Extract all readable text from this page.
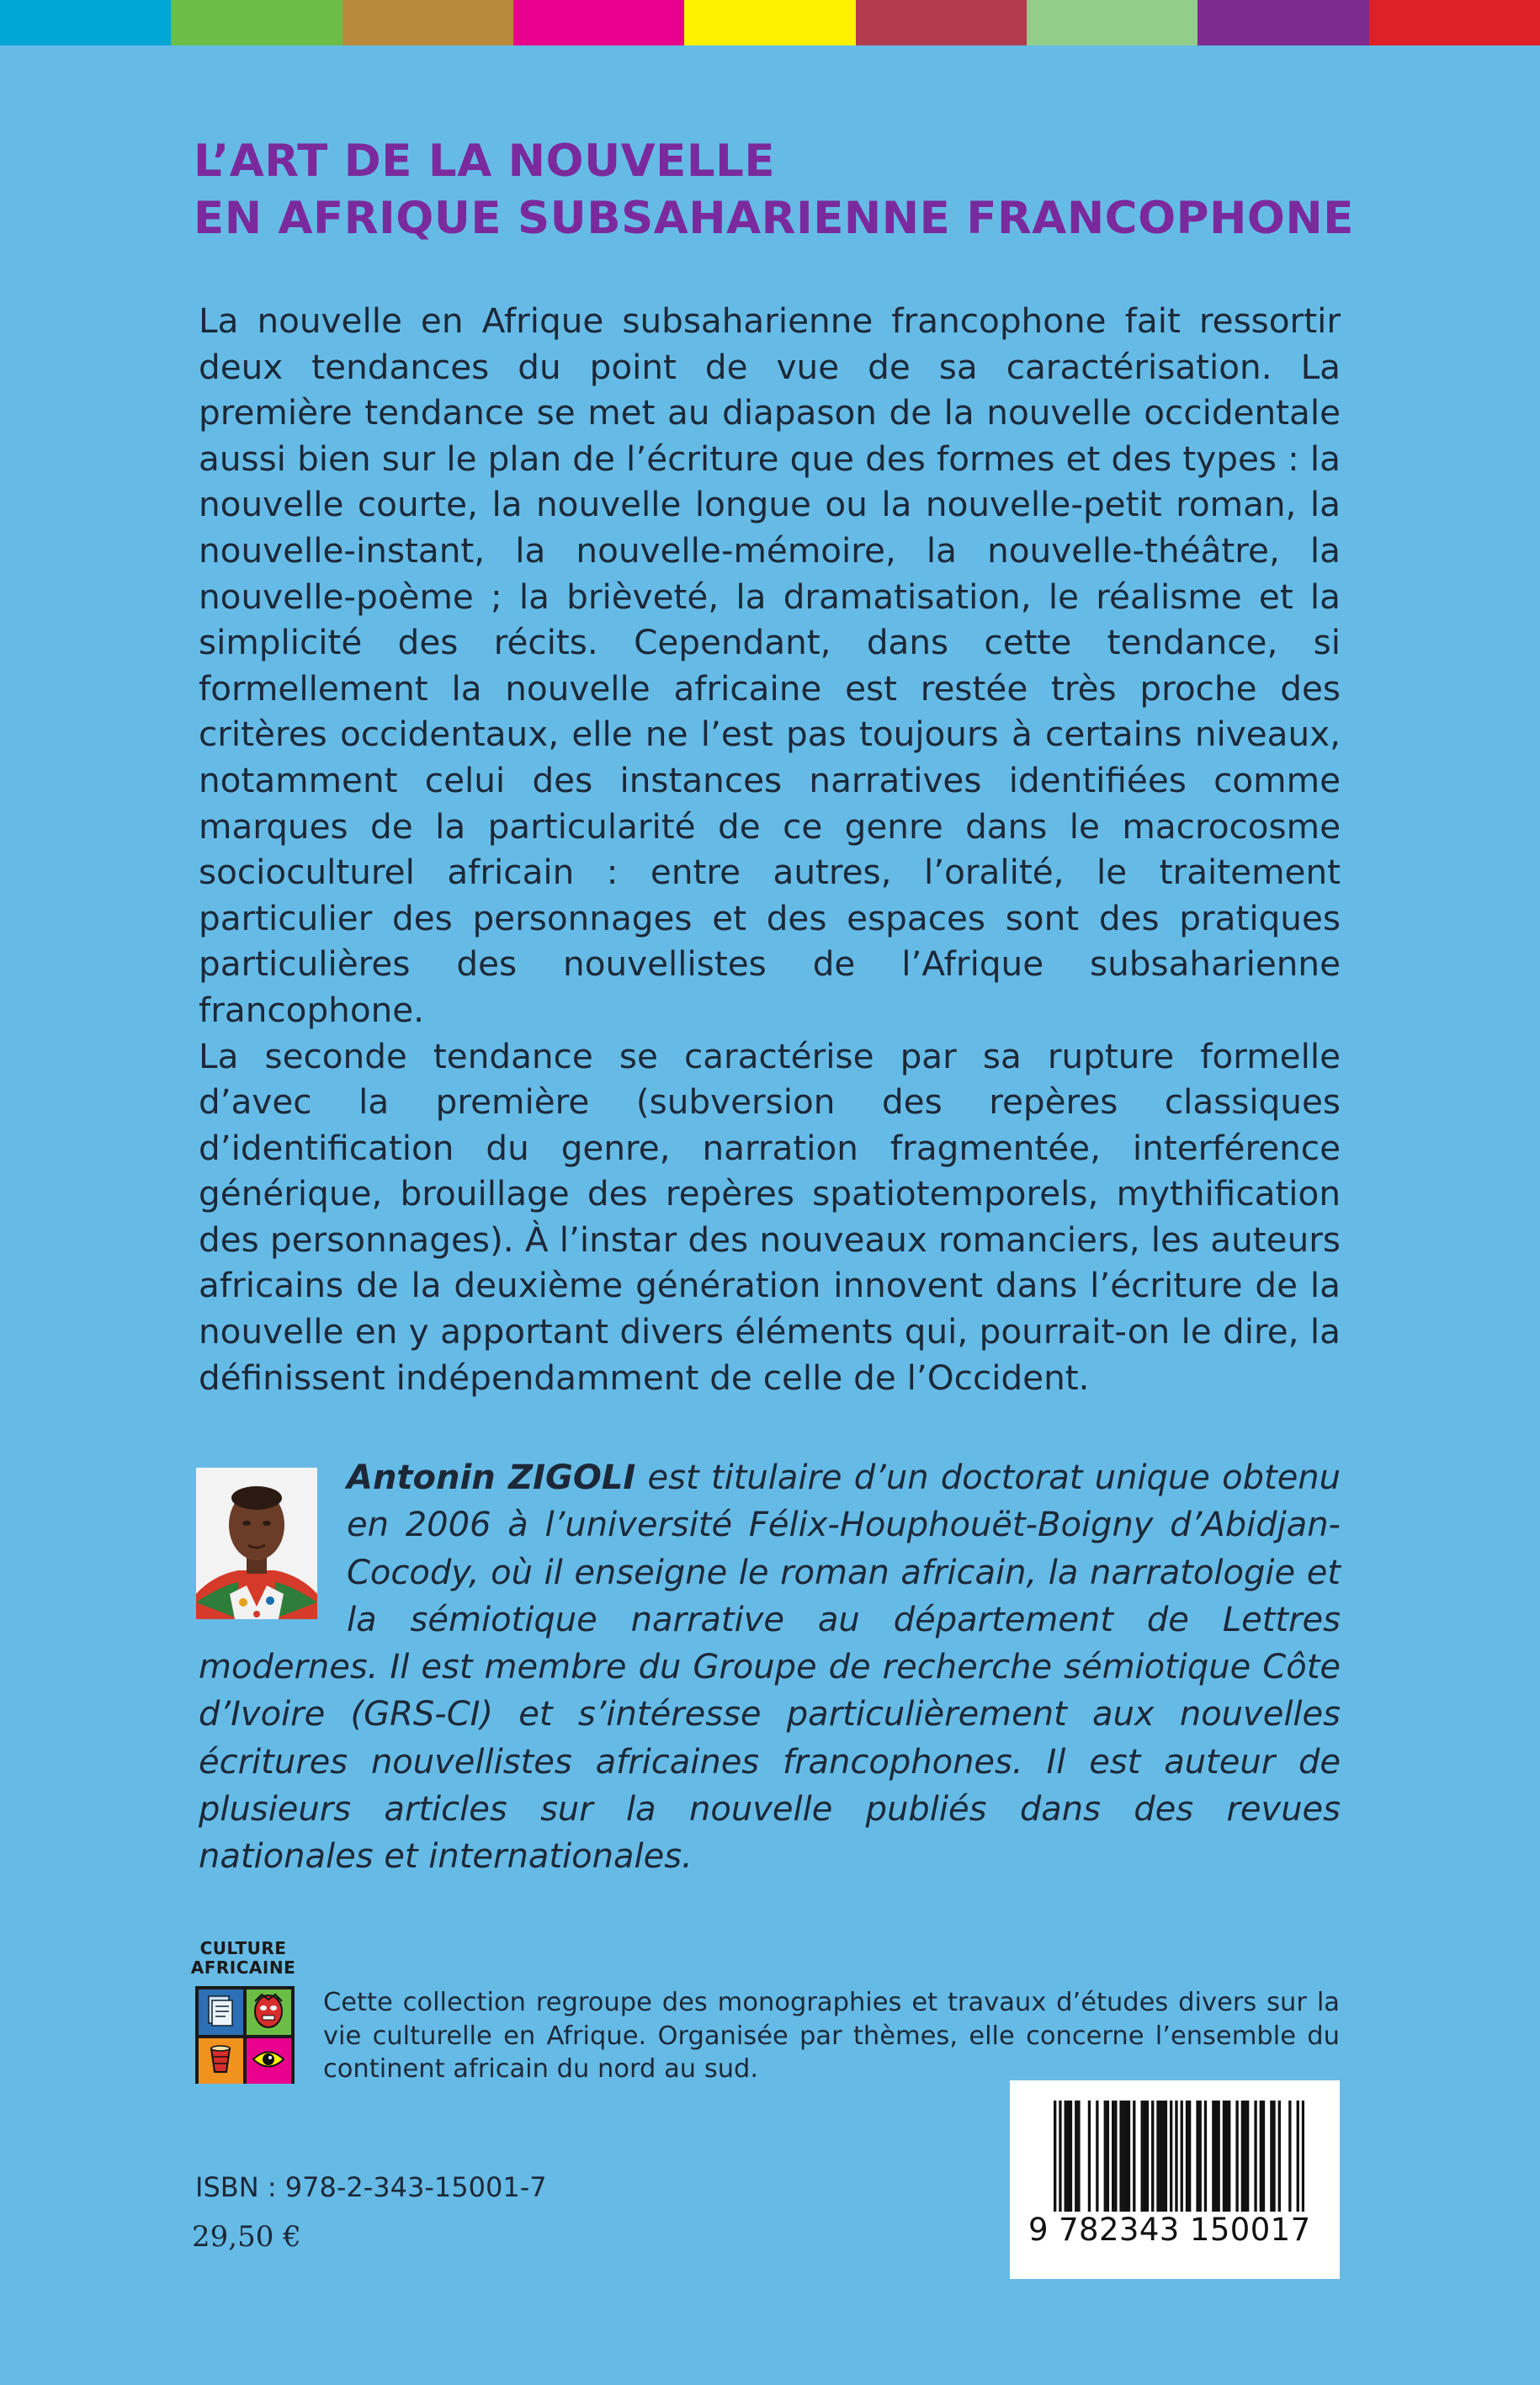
L’ART DE LA NOUVELLE
EN AFRIQUE SUBSAHARIENNE FRANCOPHONE

La nouvelle en Afrique subsaharienne francophone fait ressortir deux tendances du point de vue de sa caractérisation. La première tendance se met au diapason de la nouvelle occidentale aussi bien sur le plan de l’écriture que des formes et des types : la nouvelle courte, la nouvelle longue ou la nouvelle-petit roman, la nouvelle-instant, la nouvelle-mémoire, la nouvelle-théâtre, la nouvelle-poème ; la brièveté, la dramatisation, le réalisme et la simplicité des récits. Cependant, dans cette tendance, si formellement la nouvelle africaine est restée très proche des critères occidentaux, elle ne l’est pas toujours à certains niveaux, notamment celui des instances narratives identifiées comme marques de la particularité de ce genre dans le macrocosme socioculturel africain : entre autres, l’oralité, le traitement particulier des personnages et des espaces sont des pratiques particulières des nouvellistes de l’Afrique subsaharienne francophone.

La seconde tendance se caractérise par sa rupture formelle d’avec la première (subversion des repères classiques d’identification du genre, narration fragmentée, interférence générique, brouillage des repères spatiotemporels, mythification des personnages). À l’instar des nouveaux romanciers, les auteurs africains de la deuxième génération innovent dans l’écriture de la nouvelle en y apportant divers éléments qui, pourrait-on le dire, la définissent indépendamment de celle de l’Occident.

Antonin ZIGOLI est titulaire d’un doctorat unique obtenu en 2006 à l’université Félix-Houphouët-Boigny d’Abidjan-Cocody, où il enseigne le roman africain, la narratologie et la sémiotique narrative au département de Lettres modernes. Il est membre du Groupe de recherche sémiotique Côte d’Ivoire (GRS-CI) et s’intéresse particulièrement aux nouvelles écritures nouvellistes africaines francophones. Il est auteur de plusieurs articles sur la nouvelle publiés dans des revues nationales et internationales.
CULTURE
AFRICAINE
Cette collection regroupe des monographies et travaux d’études divers sur la vie culturelle en Afrique. Organisée par thèmes, elle concerne l’ensemble du continent africain du nord au sud.
9 782343 150017
ISBN : 978-2-343-15001-7
29,50 €
